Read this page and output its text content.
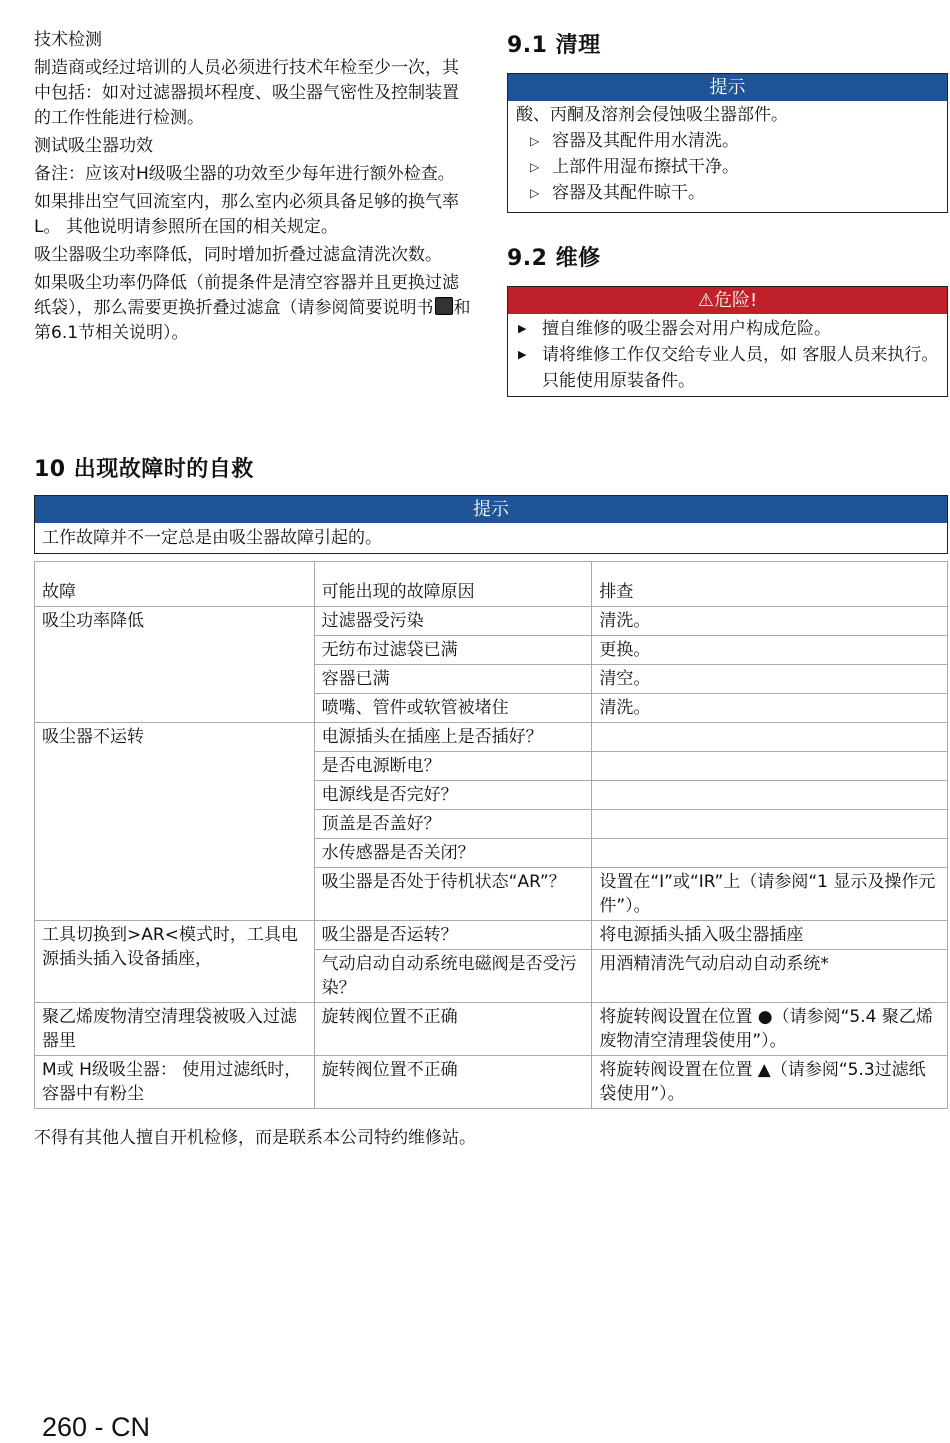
技术检测

制造商或经过培训的人员必须进行技术年检至少一次，其中包括：如对过滤器损坏程度、吸尘器气密性及控制装置的工作性能进行检测。

测试吸尘器功效

备注：应该对H级吸尘器的功效至少每年进行额外检查。

如果排出空气回流室内，那么室内必须具备足够的换气率L。 其他说明请参照所在国的相关规定。

吸尘器吸尘功率降低，同时增加折叠过滤盒清洗次数。

如果吸尘功率仍降低（前提条件是清空容器并且更换过滤纸袋），那么需要更换折叠过滤盒（请参阅简要说明书 和第6.1节相关说明）。

9.1 清理
提示
酸、丙酮及溶剂会侵蚀吸尘器部件。
▷ 容器及其配件用水清洗。
▷ 上部件用湿布擦拭干净。
▷ 容器及其配件晾干。
9.2 维修
⚠危险!
▶ 擅自维修的吸尘器会对用户构成危险。
▶ 请将维修工作仅交给专业人员，如 客服人员来执行。 只能使用原装备件。
10 出现故障时的自救
提示
工作故障并不一定总是由吸尘器故障引起的。
故障	可能出现的故障原因	排查
吸尘功率降低	过滤器受污染	清洗。
	无纺布过滤袋已满	更换。
	容器已满	清空。
	喷嘴、管件或软管被堵住	清洗。
吸尘器不运转	电源插头在插座上是否插好？	
	是否电源断电？	
	电源线是否完好？	
	顶盖是否盖好？	
	水传感器是否关闭？	
	吸尘器是否处于待机状态“AR”？	设置在“I”或“IR”上（请参阅“1 显示及操作元件”）。
工具切换到>AR<模式时，工具电源插头插入设备插座，	吸尘器是否运转？	将电源插头插入吸尘器插座
	气动启动自动系统电磁阀是否受污染？	用酒精清洗气动启动自动系统*
聚乙烯废物清空清理袋被吸入过滤器里	旋转阀位置不正确	将旋转阀设置在位置 ●（请参阅“5.4 聚乙烯废物清空清理袋使用”）。
M或 H级吸尘器： 使用过滤纸时，容器中有粉尘	旋转阀位置不正确	将旋转阀设置在位置 ▲（请参阅“5.3过滤纸袋使用”）。
不得有其他人擅自开机检修，而是联系本公司特约维修站。
260 - CN
